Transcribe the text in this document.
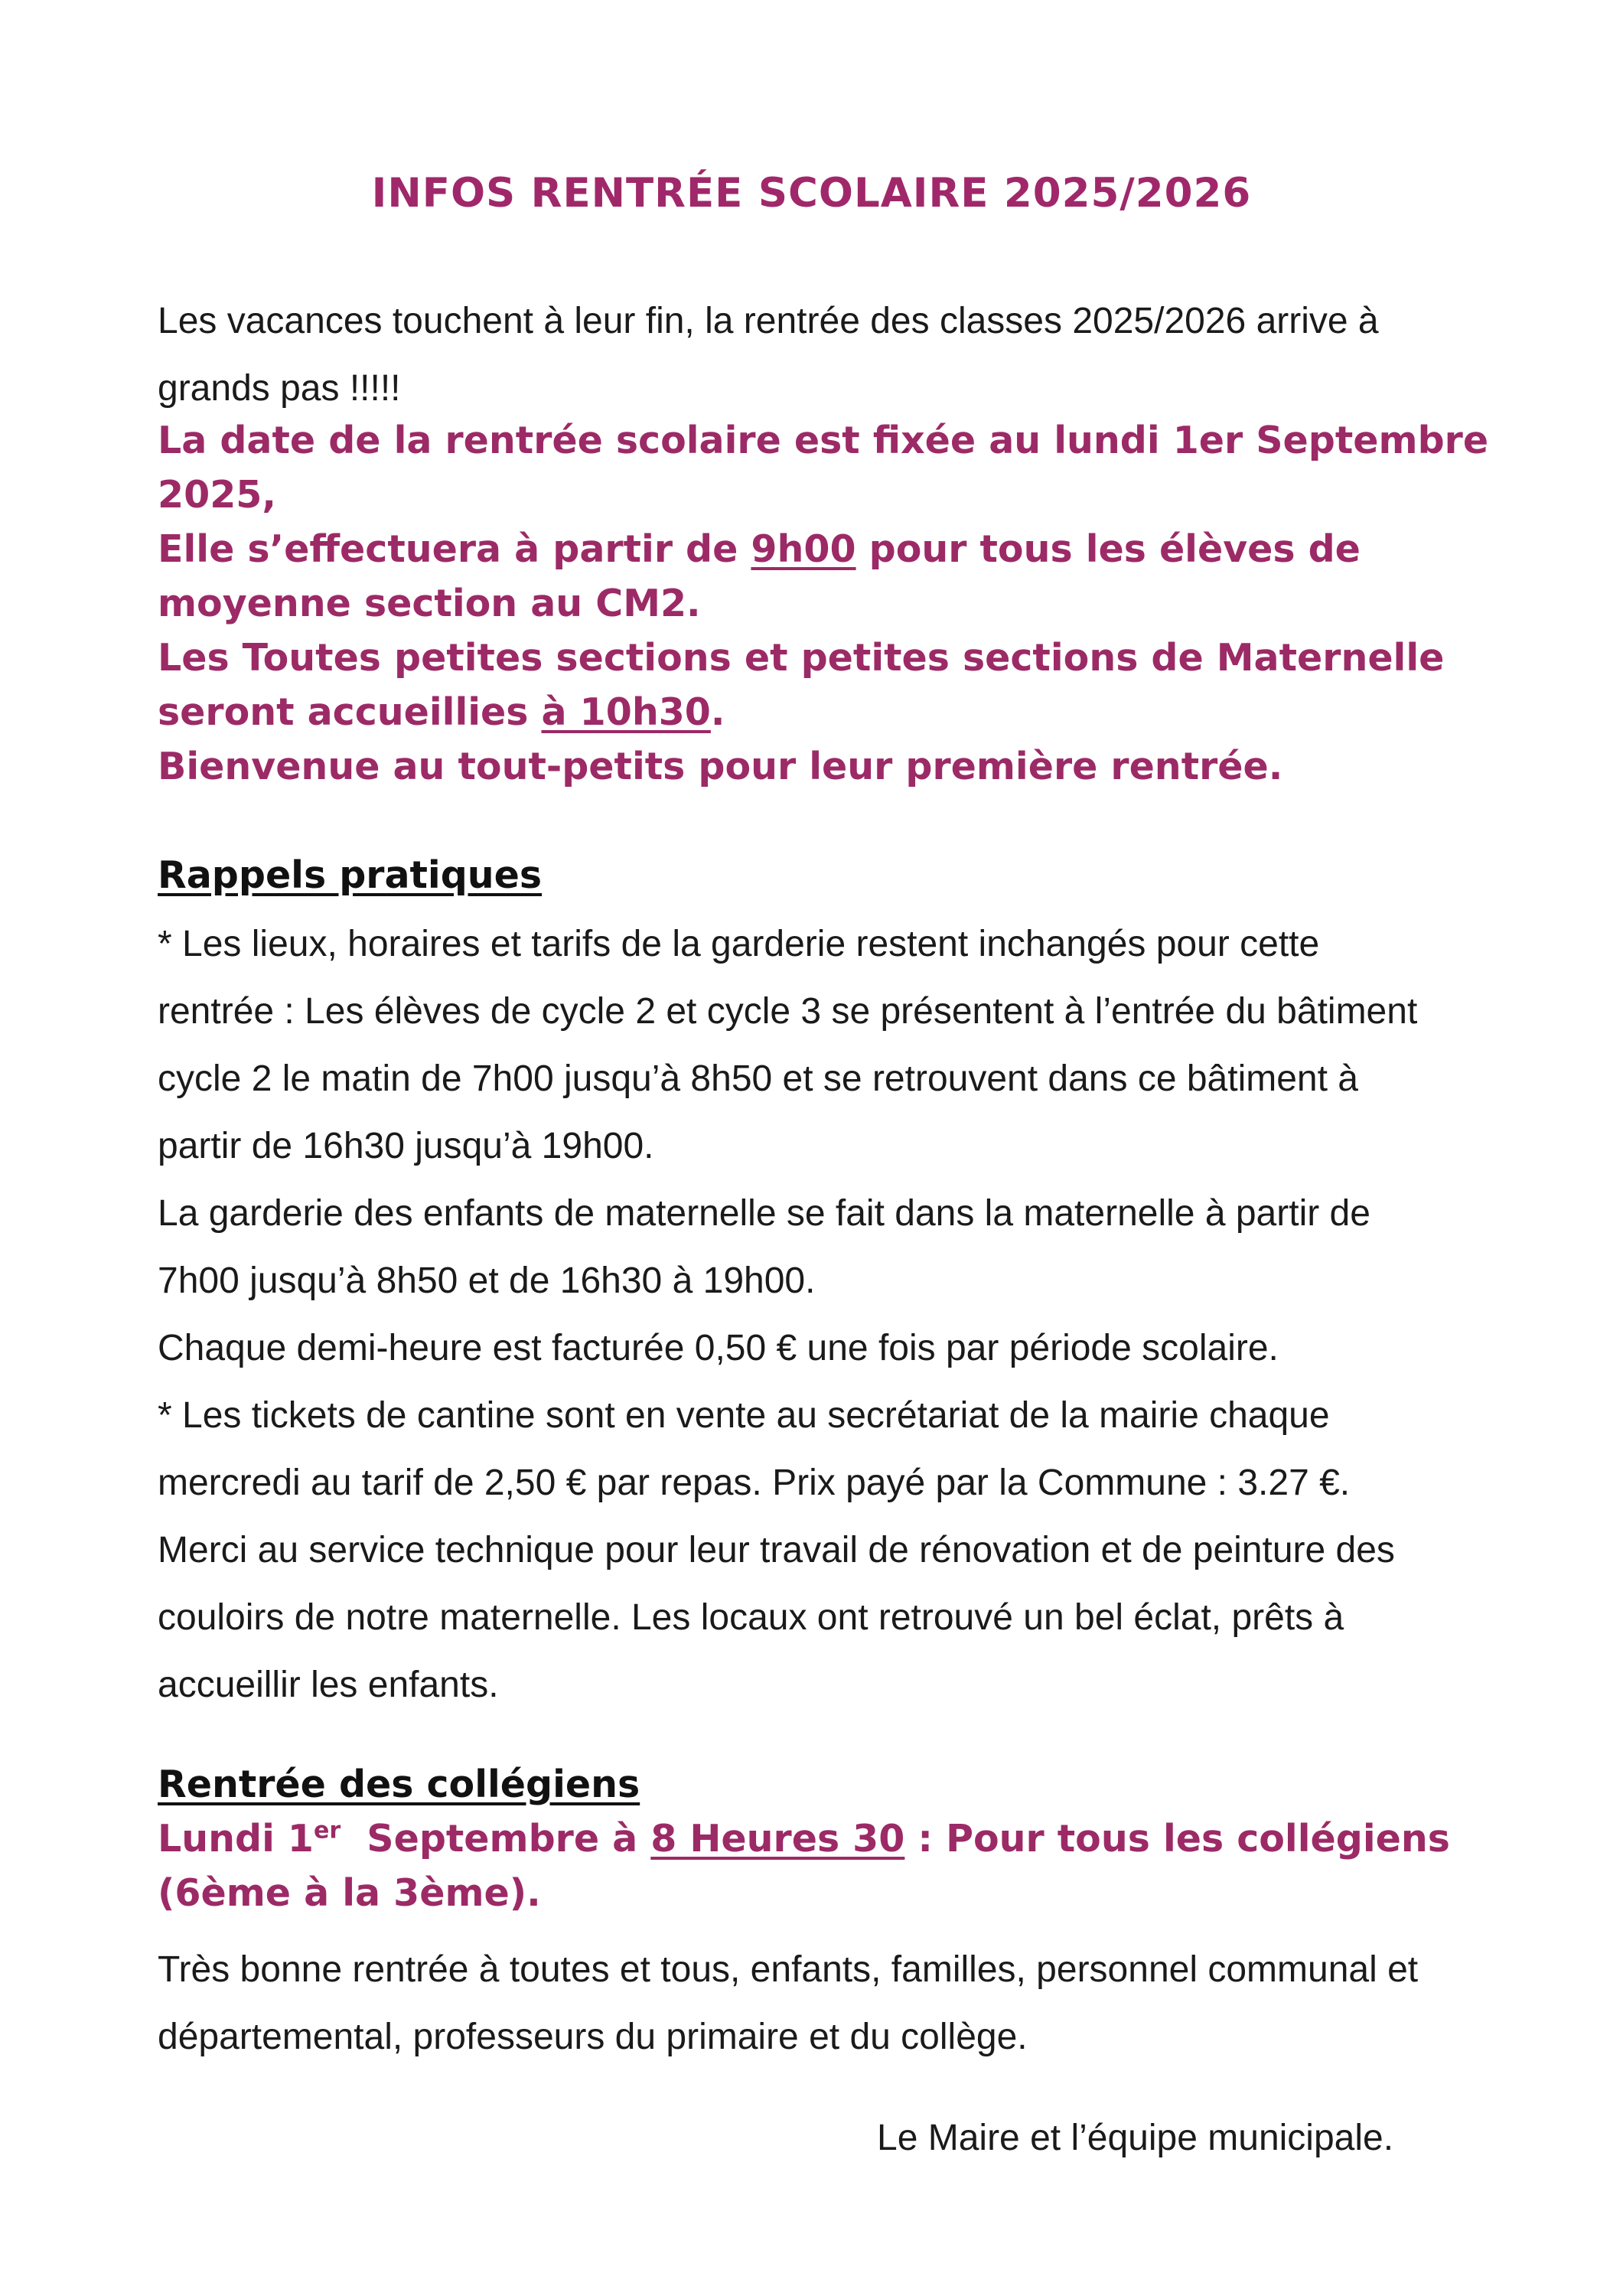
INFOS RENTRÉE SCOLAIRE 2025/2026

Les vacances touchent à leur fin, la rentrée des classes 2025/2026 arrive à

grands pas !!!!!

La date de la rentrée scolaire est fixée au lundi 1er Septembre

2025,

Elle s’effectuera à partir de 9h00 pour tous les élèves de

moyenne section au CM2.

Les Toutes petites sections et petites sections de Maternelle

seront accueillies à 10h30.

Bienvenue au tout-petits pour leur première rentrée.

Rappels pratiques

* Les lieux, horaires et tarifs de la garderie restent inchangés pour cette

rentrée : Les élèves de cycle 2 et cycle 3 se présentent à l’entrée du bâtiment

cycle 2 le matin de 7h00 jusqu’à 8h50 et se retrouvent dans ce bâtiment à

partir de 16h30 jusqu’à 19h00.

La garderie des enfants de maternelle se fait dans la maternelle à partir de

7h00 jusqu’à 8h50 et de 16h30 à 19h00.

Chaque demi-heure est facturée 0,50 € une fois par période scolaire.

* Les tickets de cantine sont en vente au secrétariat de la mairie chaque

mercredi au tarif de 2,50 € par repas. Prix payé par la Commune : 3.27 €.

Merci au service technique pour leur travail de rénovation et de peinture des

couloirs de notre maternelle. Les locaux ont retrouvé un bel éclat, prêts à

accueillir les enfants.

Rentrée des collégiens

Lundi 1er  Septembre à 8 Heures 30 : Pour tous les collégiens

(6ème à la 3ème).

Très bonne rentrée à toutes et tous, enfants, familles, personnel communal et

départemental, professeurs du primaire et du collège.

Le Maire et l’équipe municipale.
